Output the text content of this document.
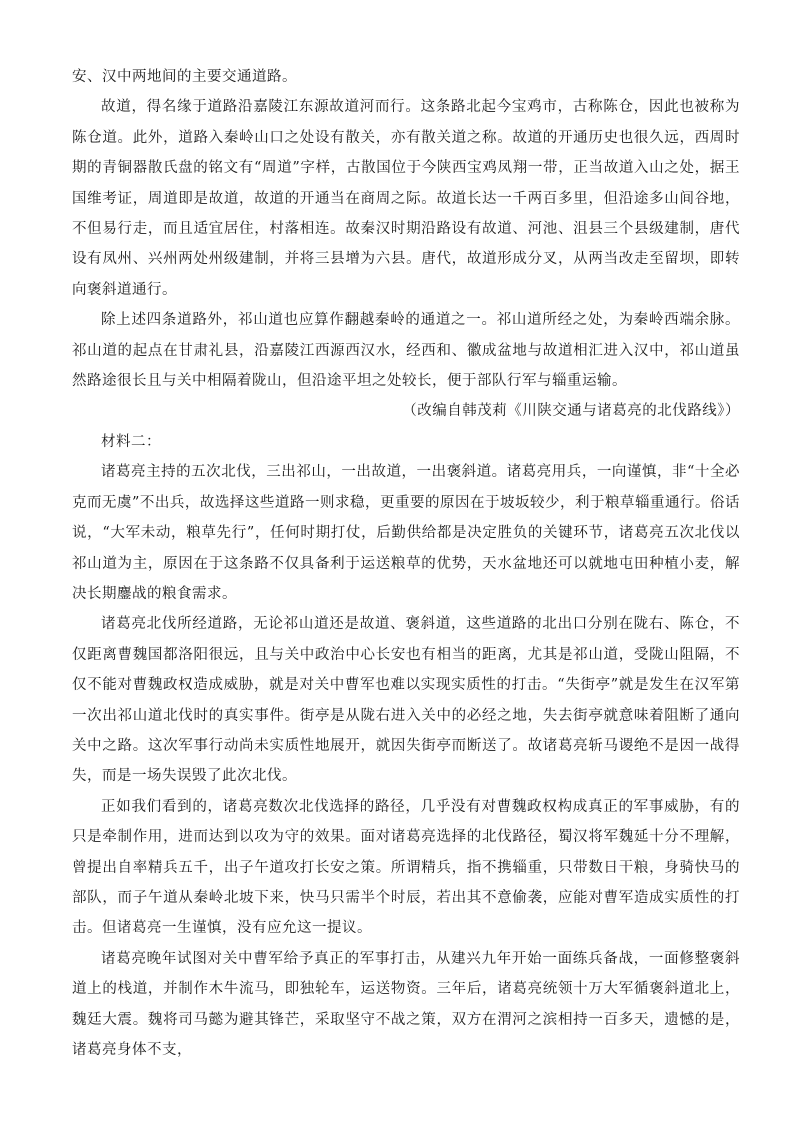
安、汉中两地间的主要交通道路。

故道，得名缘于道路沿嘉陵江东源故道河而行。这条路北起今宝鸡市，古称陈仓，因此也被称为陈仓道。此外，道路入秦岭山口之处设有散关，亦有散关道之称。故道的开通历史也很久远，西周时期的青铜器散氏盘的铭文有“周道”字样，古散国位于今陕西宝鸡凤翔一带，正当故道入山之处，据王国维考证，周道即是故道，故道的开通当在商周之际。故道长达一千两百多里，但沿途多山间谷地，不但易行走，而且适宜居住，村落相连。故秦汉时期沿路设有故道、河池、沮县三个县级建制，唐代设有凤州、兴州两处州级建制，并将三县增为六县。唐代，故道形成分叉，从两当改走至留坝，即转向褒斜道通行。

除上述四条道路外，祁山道也应算作翻越秦岭的通道之一。祁山道所经之处，为秦岭西端余脉。祁山道的起点在甘肃礼县，沿嘉陵江西源西汉水，经西和、徽成盆地与故道相汇进入汉中，祁山道虽然路途很长且与关中相隔着陇山，但沿途平坦之处较长，便于部队行军与辎重运输。

（改编自韩茂莉《川陕交通与诸葛亮的北伐路线》）

材料二：

诸葛亮主持的五次北伐，三出祁山，一出故道，一出褒斜道。诸葛亮用兵，一向谨慎，非“十全必克而无虞”不出兵，故选择这些道路一则求稳，更重要的原因在于坡坂较少，利于粮草辎重通行。俗话说，“大军未动，粮草先行”，任何时期打仗，后勤供给都是决定胜负的关键环节，诸葛亮五次北伐以祁山道为主，原因在于这条路不仅具备利于运送粮草的优势，天水盆地还可以就地屯田种植小麦，解决长期鏖战的粮食需求。

诸葛亮北伐所经道路，无论祁山道还是故道、褒斜道，这些道路的北出口分别在陇右、陈仓，不仅距离曹魏国都洛阳很远，且与关中政治中心长安也有相当的距离，尤其是祁山道，受陇山阻隔，不仅不能对曹魏政权造成威胁，就是对关中曹军也难以实现实质性的打击。“失街亭”就是发生在汉军第一次出祁山道北伐时的真实事件。街亭是从陇右进入关中的必经之地，失去街亭就意味着阻断了通向关中之路。这次军事行动尚未实质性地展开，就因失街亭而断送了。故诸葛亮斩马谡绝不是因一战得失，而是一场失误毁了此次北伐。

正如我们看到的，诸葛亮数次北伐选择的路径，几乎没有对曹魏政权构成真正的军事威胁，有的只是牵制作用，进而达到以攻为守的效果。面对诸葛亮选择的北伐路径，蜀汉将军魏延十分不理解，曾提出自率精兵五千，出子午道攻打长安之策。所谓精兵，指不携辎重，只带数日干粮，身骑快马的部队，而子午道从秦岭北坡下来，快马只需半个时辰，若出其不意偷袭，应能对曹军造成实质性的打击。但诸葛亮一生谨慎，没有应允这一提议。

诸葛亮晚年试图对关中曹军给予真正的军事打击，从建兴九年开始一面练兵备战，一面修整褒斜道上的栈道，并制作木牛流马，即独轮车，运送物资。三年后，诸葛亮统领十万大军循褒斜道北上，魏廷大震。魏将司马懿为避其锋芒，采取坚守不战之策，双方在渭河之滨相持一百多天，遗憾的是，诸葛亮身体不支，
